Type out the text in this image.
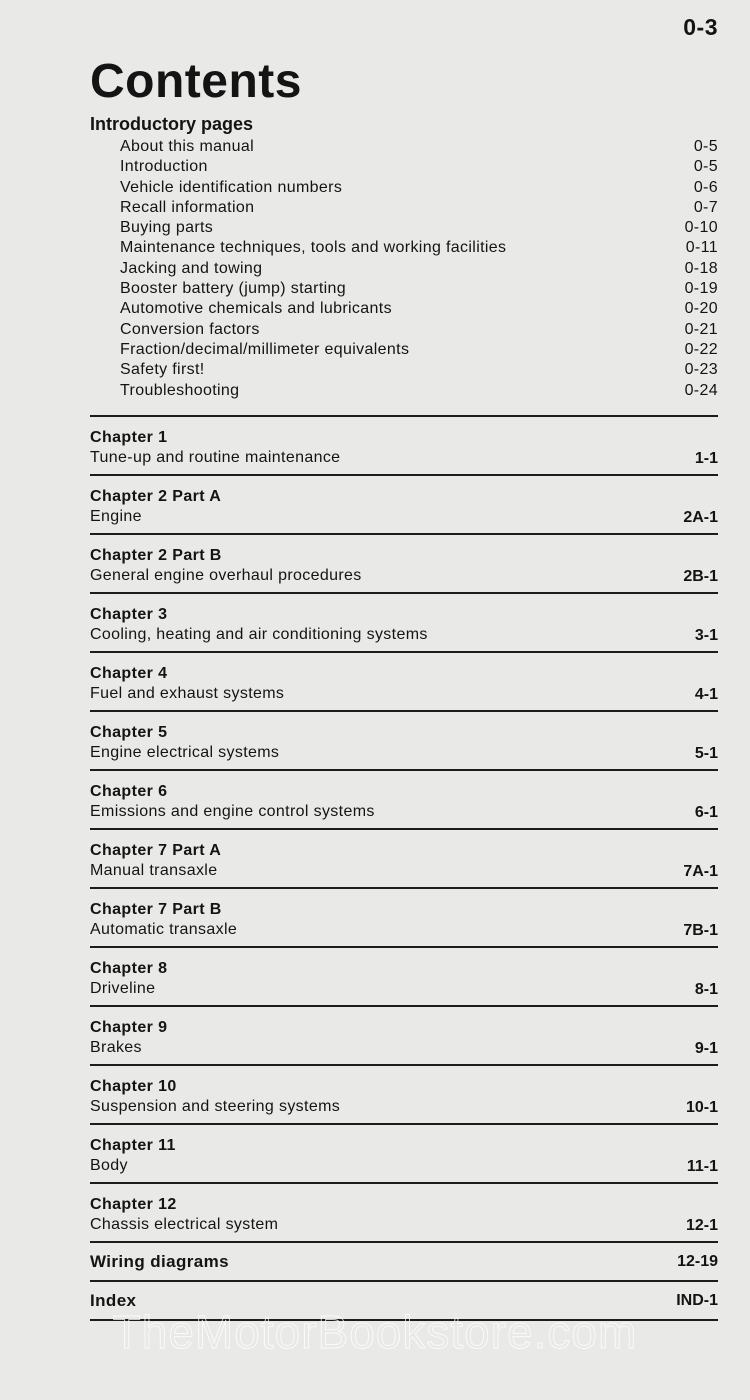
0-3
Contents
Introductory pages
About this manual	0-5
Introduction	0-5
Vehicle identification numbers	0-6
Recall information	0-7
Buying parts	0-10
Maintenance techniques, tools and working facilities	0-11
Jacking and towing	0-18
Booster battery (jump) starting	0-19
Automotive chemicals and lubricants	0-20
Conversion factors	0-21
Fraction/decimal/millimeter equivalents	0-22
Safety first!	0-23
Troubleshooting	0-24
Chapter 1
Tune-up and routine maintenance	1-1
Chapter 2 Part A
Engine	2A-1
Chapter 2 Part B
General engine overhaul procedures	2B-1
Chapter 3
Cooling, heating and air conditioning systems	3-1
Chapter 4
Fuel and exhaust systems	4-1
Chapter 5
Engine electrical systems	5-1
Chapter 6
Emissions and engine control systems	6-1
Chapter 7 Part A
Manual transaxle	7A-1
Chapter 7 Part B
Automatic transaxle	7B-1
Chapter 8
Driveline	8-1
Chapter 9
Brakes	9-1
Chapter 10
Suspension and steering systems	10-1
Chapter 11
Body	11-1
Chapter 12
Chassis electrical system	12-1
Wiring diagrams	12-19
Index	IND-1
TheMotorBookstore.com
